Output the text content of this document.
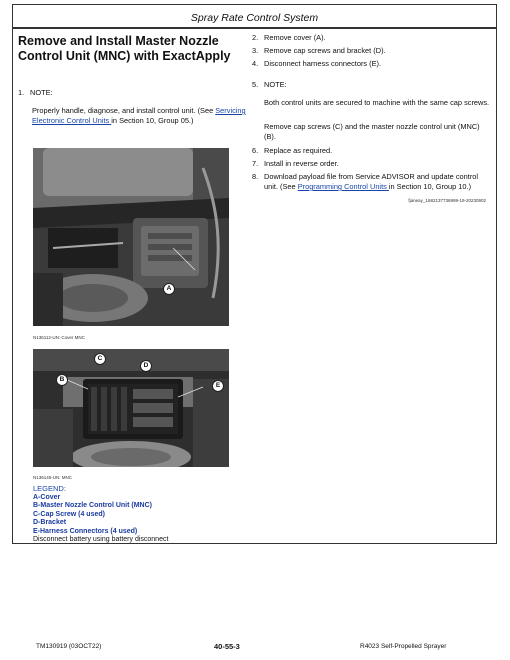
Spray Rate Control System
Remove and Install Master Nozzle Control Unit (MNC) with ExactApply
1. NOTE:
Properly handle, diagnose, and install control unit. (See Servicing Electronic Control Units in Section 10, Group 05.)
A
N136112-UN: Cover MNC
C
D
B
E
N136145-UN: MNC
LEGEND:
A-Cover
B-Master Nozzle Control Unit (MNC)
C-Cap Screw (4 used)
D-Bracket
E-Harness Connectors (4 used)
Disconnect battery using battery disconnect
2. Remove cover (A).
3. Remove cap screws and bracket (D).
4. Disconnect harness connectors (E).
5. NOTE:
Both control units are secured to machine with the same cap screws.
Remove cap screws (C) and the master nozzle control unit (MNC) (B).
6. Replace as required.
7. Install in reverse order.
8. Download payload file from Service ADVISOR and update control unit. (See Programming Control Units in Section 10, Group 10.)
fjaneay_1682137736999-19-20230902
TM130919 (03OCT22)	40-55-3	R4023 Self-Propelled Sprayer
